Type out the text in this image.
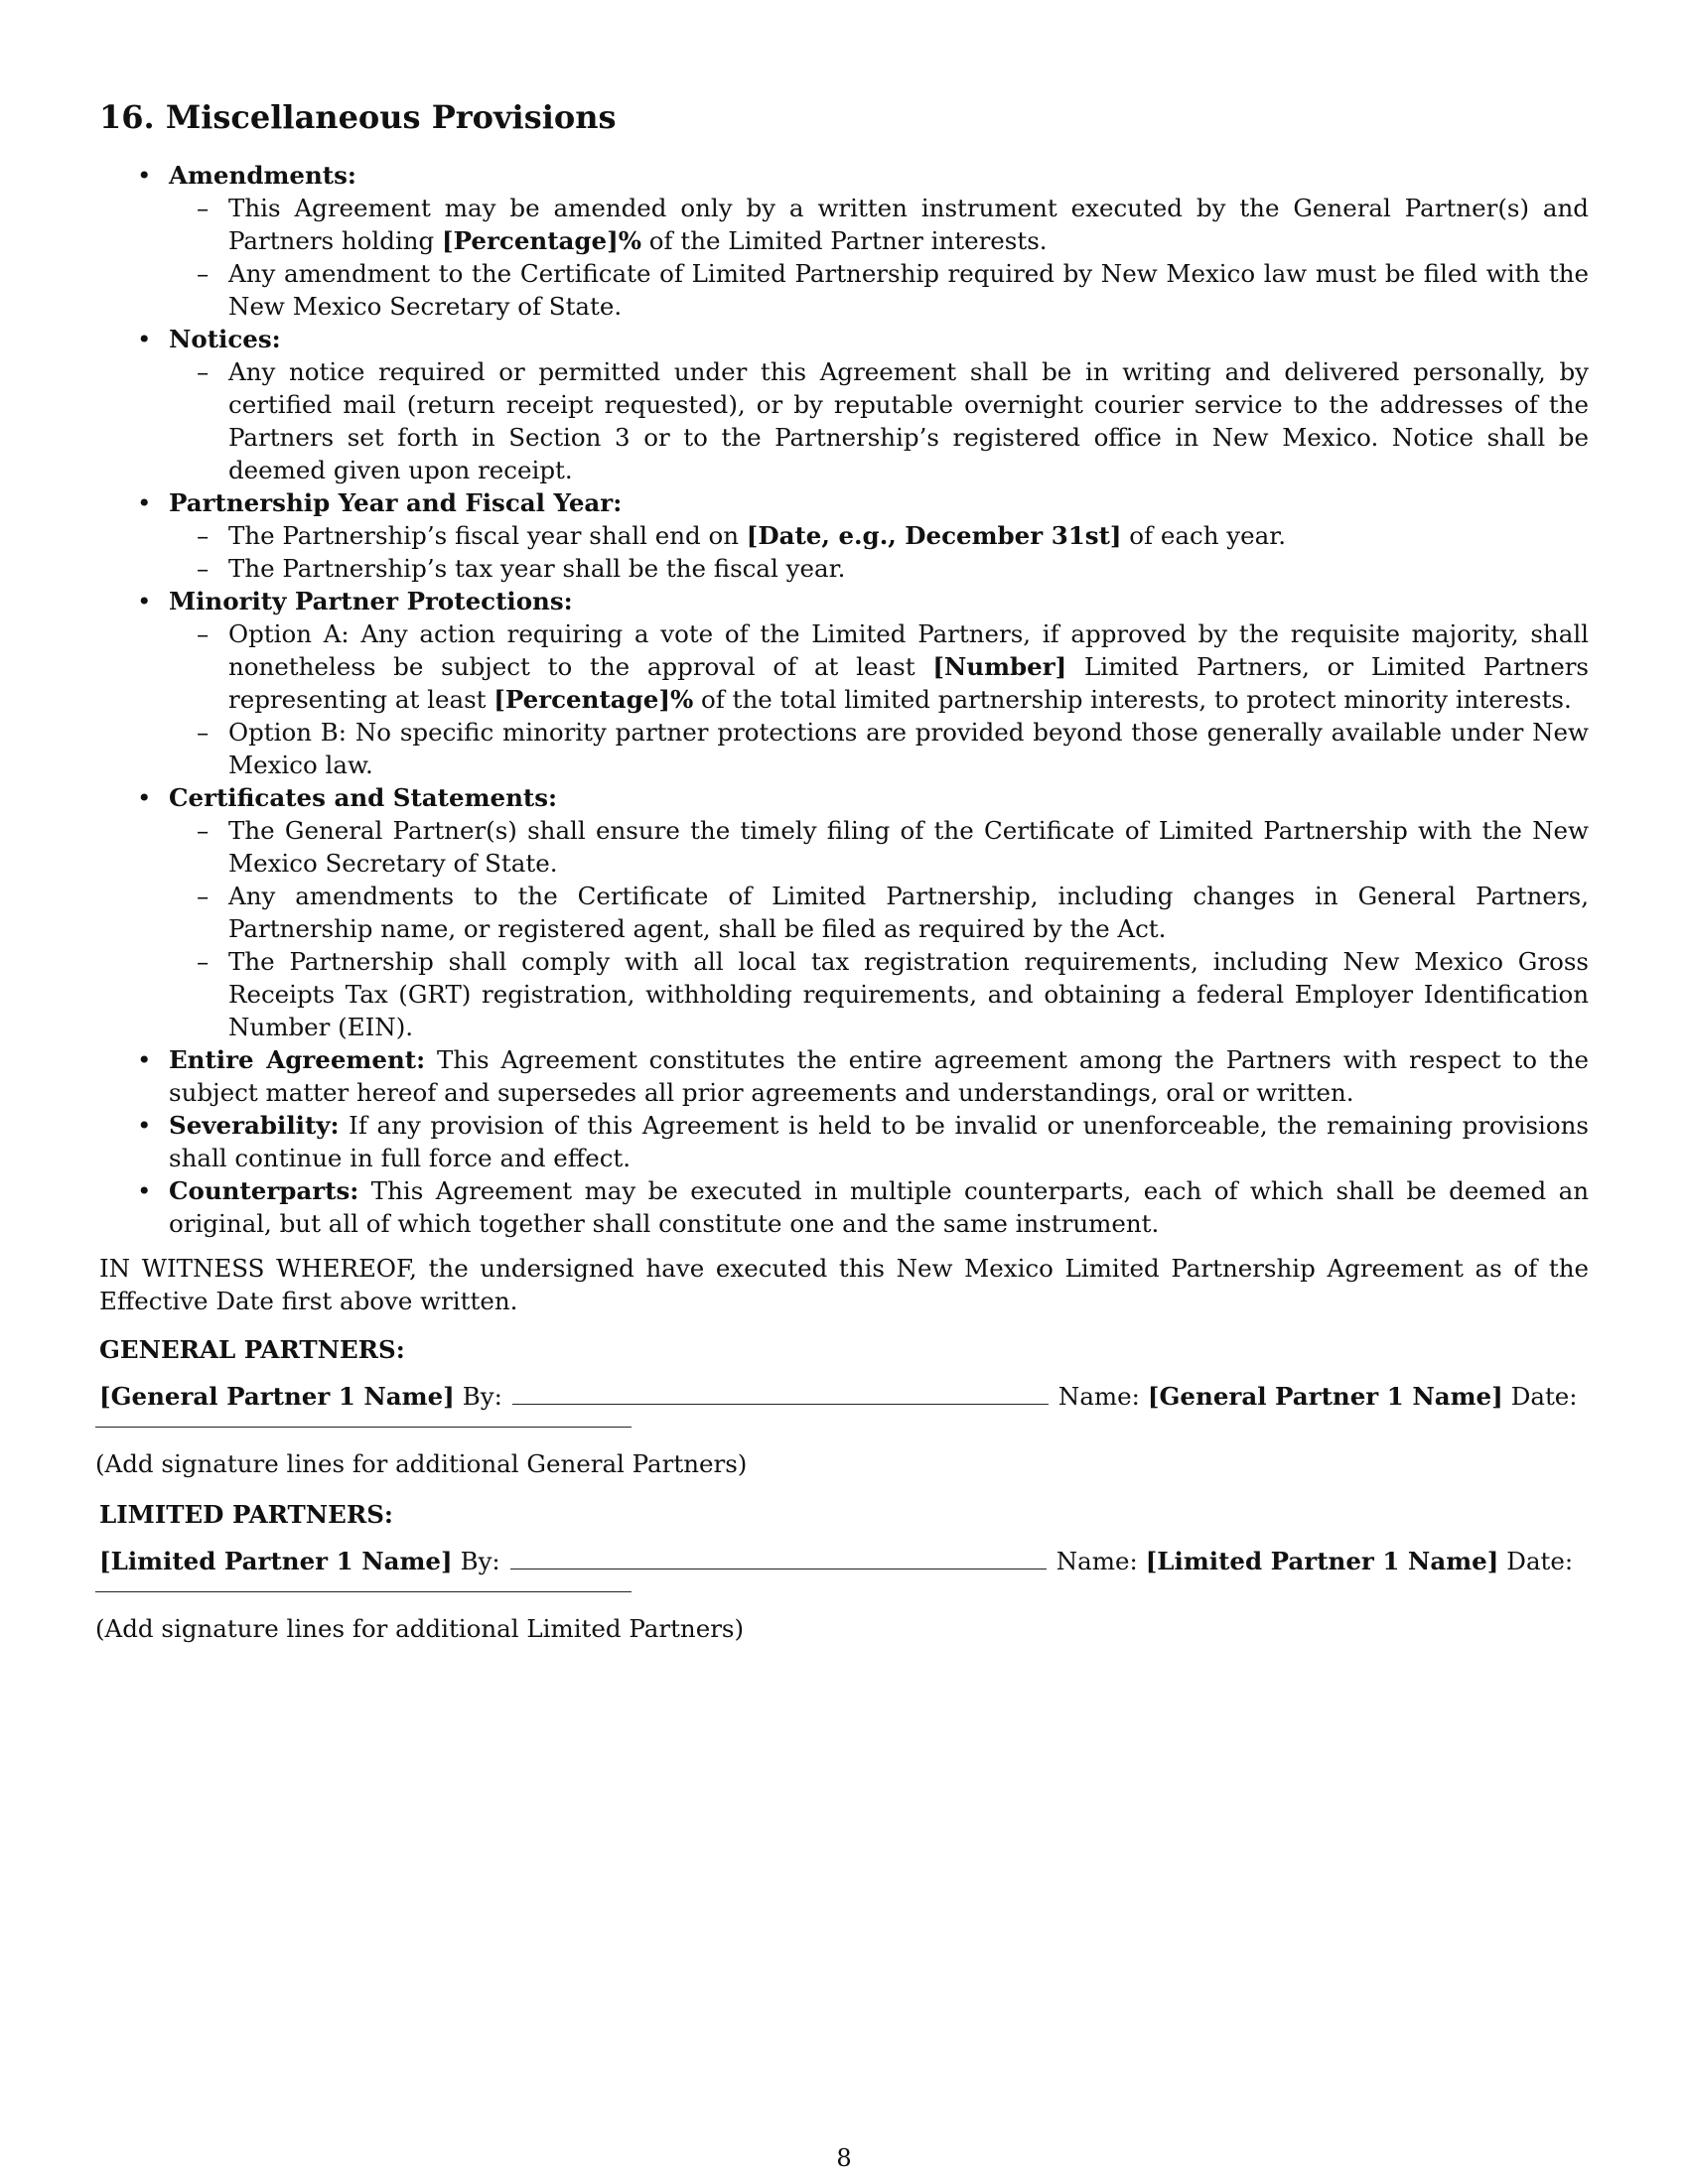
16. Miscellaneous Provisions
• Amendments:
– This Agreement may be amended only by a written instrument executed by the General Partner(s) and Partners holding [Percentage]% of the Limited Partner interests.
– Any amendment to the Certificate of Limited Partnership required by New Mexico law must be filed with the New Mexico Secretary of State.
• Notices:
– Any notice required or permitted under this Agreement shall be in writing and delivered personally, by certified mail (return receipt requested), or by reputable overnight courier service to the addresses of the Partners set forth in Section 3 or to the Partnership’s registered office in New Mexico. Notice shall be deemed given upon receipt.
• Partnership Year and Fiscal Year:
– The Partnership’s fiscal year shall end on [Date, e.g., December 31st] of each year.
– The Partnership’s tax year shall be the fiscal year.
• Minority Partner Protections:
– Option A: Any action requiring a vote of the Limited Partners, if approved by the requisite majority, shall nonetheless be subject to the approval of at least [Number] Limited Partners, or Limited Partners representing at least [Percentage]% of the total limited partnership interests, to protect minority interests.
– Option B: No specific minority partner protections are provided beyond those generally available under New Mexico law.
• Certificates and Statements:
– The General Partner(s) shall ensure the timely filing of the Certificate of Limited Partnership with the New Mexico Secretary of State.
– Any amendments to the Certificate of Limited Partnership, including changes in General Partners, Partnership name, or registered agent, shall be filed as required by the Act.
– The Partnership shall comply with all local tax registration requirements, including New Mexico Gross Receipts Tax (GRT) registration, withholding requirements, and obtaining a federal Employer Identification Number (EIN).
• Entire Agreement: This Agreement constitutes the entire agreement among the Partners with respect to the subject matter hereof and supersedes all prior agreements and understandings, oral or written.
• Severability: If any provision of this Agreement is held to be invalid or unenforceable, the remaining provisions shall continue in full force and effect.
• Counterparts: This Agreement may be executed in multiple counterparts, each of which shall be deemed an original, but all of which together shall constitute one and the same instrument.
IN WITNESS WHEREOF, the undersigned have executed this New Mexico Limited Partnership Agreement as of the Effective Date first above written.
GENERAL PARTNERS:
[General Partner 1 Name] By:	Name: [General Partner 1 Name] Date:
(Add signature lines for additional General Partners)
LIMITED PARTNERS:
[Limited Partner 1 Name] By:	Name: [Limited Partner 1 Name] Date:
(Add signature lines for additional Limited Partners)
8
